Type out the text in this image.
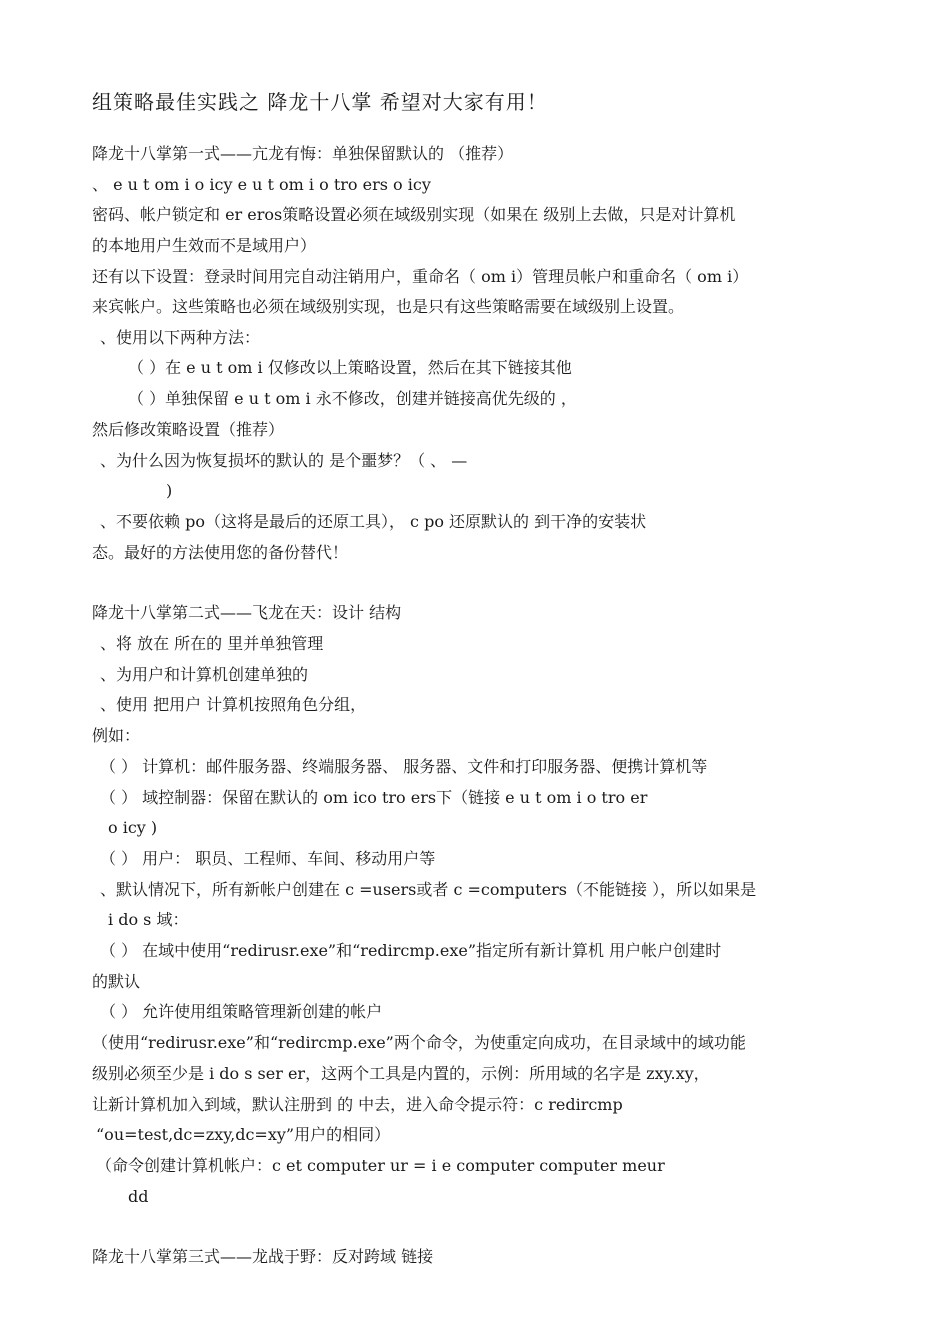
组策略最佳实践之 降龙十八掌 希望对大家有用！
降龙十八掌第一式——亢龙有悔：单独保留默认的 （推荐）
、 e u t om i o icy e u t om i o tro ers o icy
密码、帐户锁定和 er eros策略设置必须在域级别实现（如果在 级别上去做，只是对计算机
的本地用户生效而不是域用户）
还有以下设置：登录时间用完自动注销用户，重命名（ om i）管理员帐户和重命名（ om i）
来宾帐户。这些策略也必须在域级别实现，也是只有这些策略需要在域级别上设置。
、使用以下两种方法：
（ ）在 e u t om i 仅修改以上策略设置，然后在其下链接其他
（ ）单独保留 e u t om i 永不修改，创建并链接高优先级的 ，
然后修改策略设置（推荐）
、为什么因为恢复损坏的默认的 是个噩梦？（ 、 —
)
、不要依赖 po（这将是最后的还原工具）， c po 还原默认的 到干净的安装状
态。最好的方法使用您的备份替代！
降龙十八掌第二式——飞龙在天：设计 结构
、将 放在 所在的 里并单独管理
、为用户和计算机创建单独的
、使用 把用户 计算机按照角色分组，
例如：
（ ） 计算机：邮件服务器、终端服务器、 服务器、文件和打印服务器、便携计算机等
（ ） 域控制器：保留在默认的 om ico tro ers下（链接 e u t om i o tro er
o icy )
（ ） 用户： 职员、工程师、车间、移动用户等
、默认情况下，所有新帐户创建在 c =users或者 c =computers（不能链接 ），所以如果是
i do s 域：
（ ） 在域中使用“redirusr.exe”和“redircmp.exe”指定所有新计算机 用户帐户创建时
的默认
（ ） 允许使用组策略管理新创建的帐户
（使用“redirusr.exe”和“redircmp.exe”两个命令，为使重定向成功，在目录域中的域功能
级别必须至少是 i do s ser er，这两个工具是内置的，示例：所用域的名字是 zxy.xy，
让新计算机加入到域，默认注册到 的 中去，进入命令提示符：c redircmp
“ou=test,dc=zxy,dc=xy”用户的相同）
（命令创建计算机帐户：c et computer ur = i e computer computer meur
dd
降龙十八掌第三式——龙战于野：反对跨域 链接
